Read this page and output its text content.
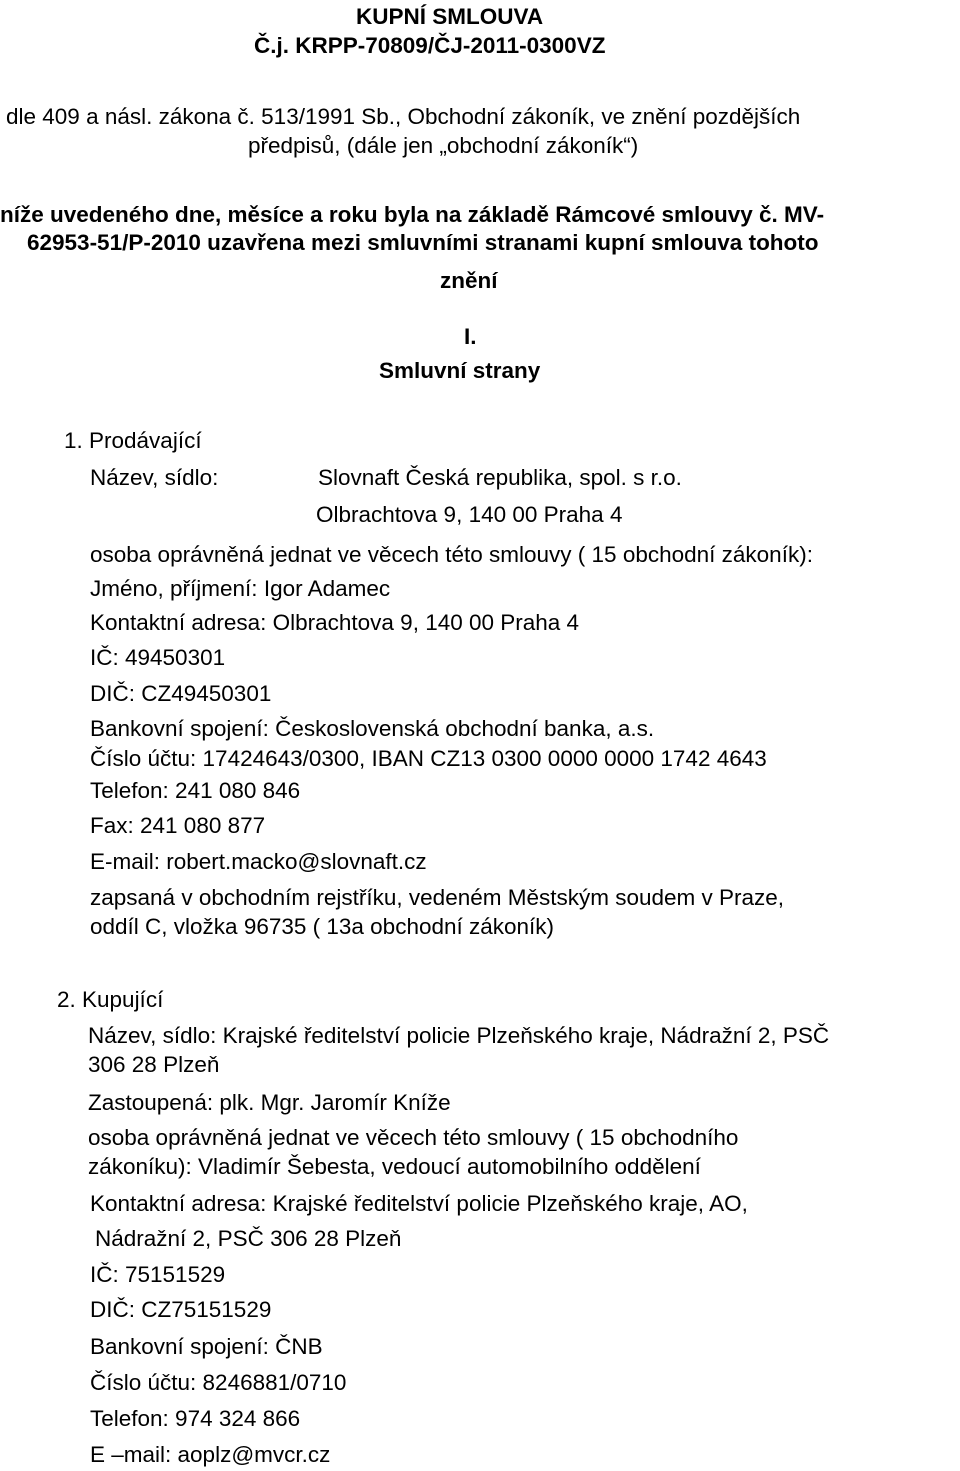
KUPNÍ SMLOUVA

Č.j. KRPP-70809/ČJ-2011-0300VZ

dle 409 a násl. zákona č. 513/1991 Sb., Obchodní zákoník, ve znění pozdějších

předpisů, (dále jen „obchodní zákoník“)

níže uvedeného dne, měsíce a roku byla na základě Rámcové smlouvy č. MV-

62953-51/P-2010 uzavřena mezi smluvními stranami kupní smlouva tohoto

znění

I.

Smluvní strany

1. Prodávající

Název, sídlo:	Slovnaft Česká republika, spol. s r.o.

Olbrachtova 9, 140 00 Praha 4

osoba oprávněná jednat ve věcech této smlouvy ( 15 obchodní zákoník):

Jméno, příjmení: Igor Adamec

Kontaktní adresa: Olbrachtova 9, 140 00 Praha 4

IČ: 49450301

DIČ: CZ49450301

Bankovní spojení: Československá obchodní banka, a.s.

Číslo účtu: 17424643/0300, IBAN CZ13 0300 0000 0000 1742 4643

Telefon: 241 080 846

Fax: 241 080 877

E-mail: robert.macko@slovnaft.cz

zapsaná v obchodním rejstříku, vedeném Městským soudem v Praze,

oddíl C, vložka 96735 ( 13a obchodní zákoník)

2. Kupující

Název, sídlo: Krajské ředitelství policie Plzeňského kraje, Nádražní 2, PSČ

306 28 Plzeň

Zastoupená: plk. Mgr. Jaromír Kníže

osoba oprávněná jednat ve věcech této smlouvy ( 15 obchodního

zákoníku): Vladimír Šebesta, vedoucí automobilního oddělení

Kontaktní adresa: Krajské ředitelství policie Plzeňského kraje, AO,

Nádražní 2, PSČ 306 28 Plzeň

IČ: 75151529

DIČ: CZ75151529

Bankovní spojení: ČNB

Číslo účtu: 8246881/0710

Telefon: 974 324 866

E –mail: aoplz@mvcr.cz
